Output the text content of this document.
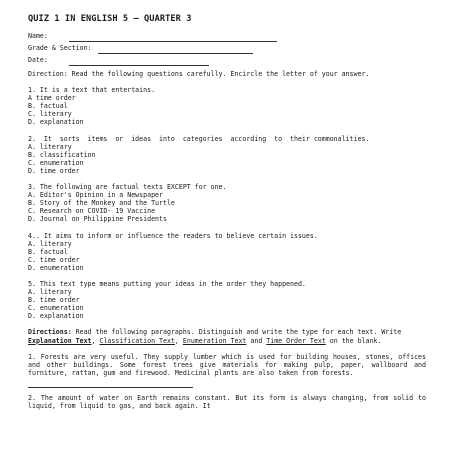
QUIZ 1 IN ENGLISH 5 – QUARTER 3
Name:
Grade & Section:
Date:

Direction: Read the following questions carefully. Encircle the letter of your answer.

1. It is a text that entertains.

A time order

B. factual

C. literary

D. explanation

2.  It  sorts  items  or  ideas  into  categories  according  to  their commonalities.

A. literary

B. classification

C. enumeration

D. time order

3. The following are factual texts EXCEPT for one.

A. Editor's Opinion in a Newspaper

B. Story of the Monkey and the Turtle

C. Research on COVID- 19 Vaccine

D. Journal on Philippine Presidents

4.. It aims to inform or influence the readers to believe certain issues.

A. literary

B. factual

C. time order

D. enumeration

5. This text type means putting your ideas in the order they happened.

A. literary

B. time order

C. enumeration

D. explanation

Directions: Read the following paragraphs. Distinguish and write the type for each text. Write Explanation Text, Classification Text, Enumeration Text and Time Order Text on the blank.

1. Forests are very useful. They supply lumber which is used for building houses, stones, offices and other buildings. Some forest trees give materials for making pulp, paper, wallboard and furniture, rattan, gum and firewood. Medicinal plants are also taken from forests.

2. The amount of water on Earth remains constant. But its form is always changing, from solid to liquid, from liquid to gas, and back again. It
